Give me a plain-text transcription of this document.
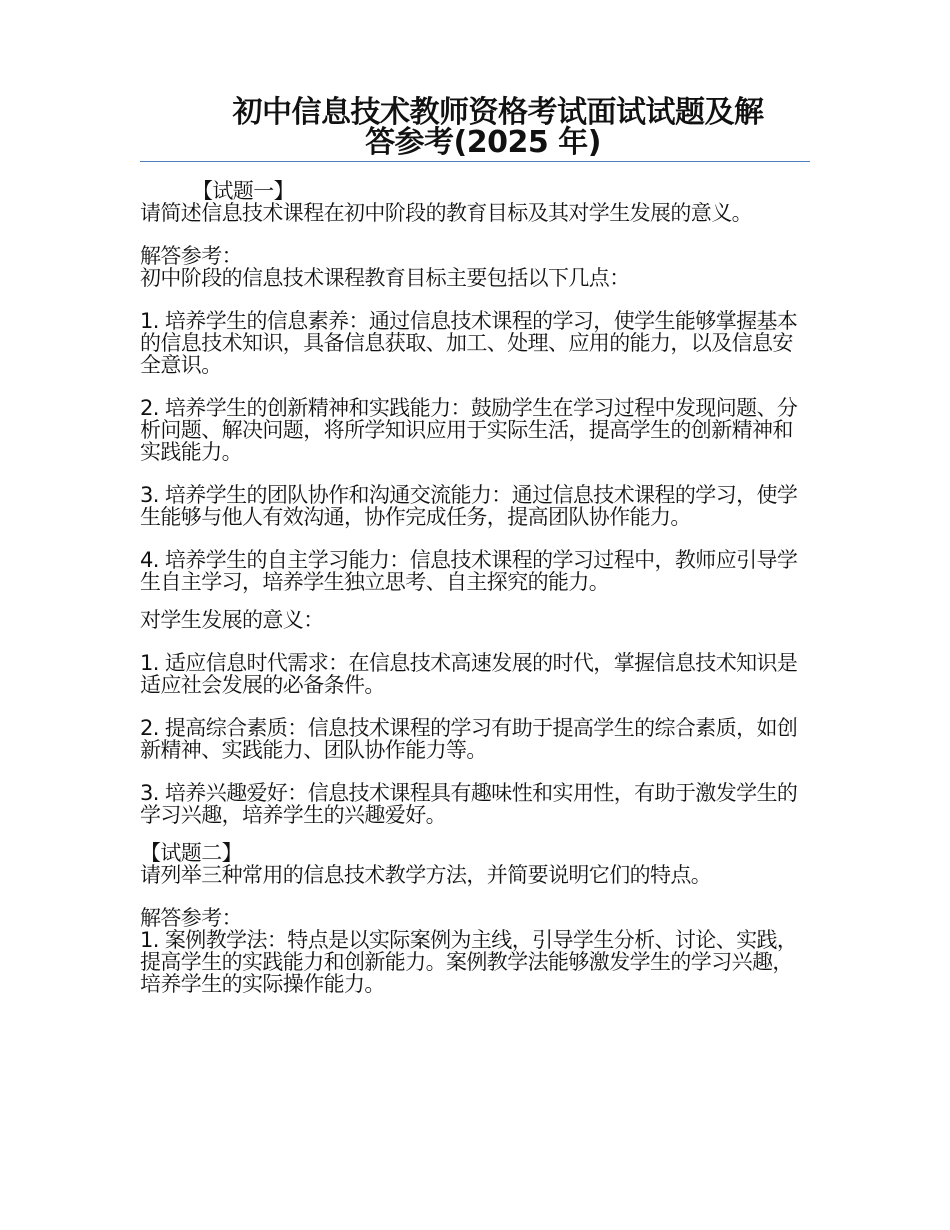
初中信息技术教师资格考试面试试题及解
答参考(2025 年)

【试题一】

请简述信息技术课程在初中阶段的教育目标及其对学生发展的意义。

解答参考：

初中阶段的信息技术课程教育目标主要包括以下几点：

1. 培养学生的信息素养：通过信息技术课程的学习，使学生能够掌握基本的信息技术知识，具备信息获取、加工、处理、应用的能力，以及信息安全意识。

2. 培养学生的创新精神和实践能力：鼓励学生在学习过程中发现问题、分析问题、解决问题，将所学知识应用于实际生活，提高学生的创新精神和实践能力。

3. 培养学生的团队协作和沟通交流能力：通过信息技术课程的学习，使学生能够与他人有效沟通，协作完成任务，提高团队协作能力。

4. 培养学生的自主学习能力：信息技术课程的学习过程中，教师应引导学生自主学习，培养学生独立思考、自主探究的能力。

对学生发展的意义：

1. 适应信息时代需求：在信息技术高速发展的时代，掌握信息技术知识是适应社会发展的必备条件。

2. 提高综合素质：信息技术课程的学习有助于提高学生的综合素质，如创新精神、实践能力、团队协作能力等。

3. 培养兴趣爱好：信息技术课程具有趣味性和实用性，有助于激发学生的学习兴趣，培养学生的兴趣爱好。

【试题二】

请列举三种常用的信息技术教学方法，并简要说明它们的特点。

解答参考：

1. 案例教学法：特点是以实际案例为主线，引导学生分析、讨论、实践，提高学生的实践能力和创新能力。案例教学法能够激发学生的学习兴趣，培养学生的实际操作能力。
